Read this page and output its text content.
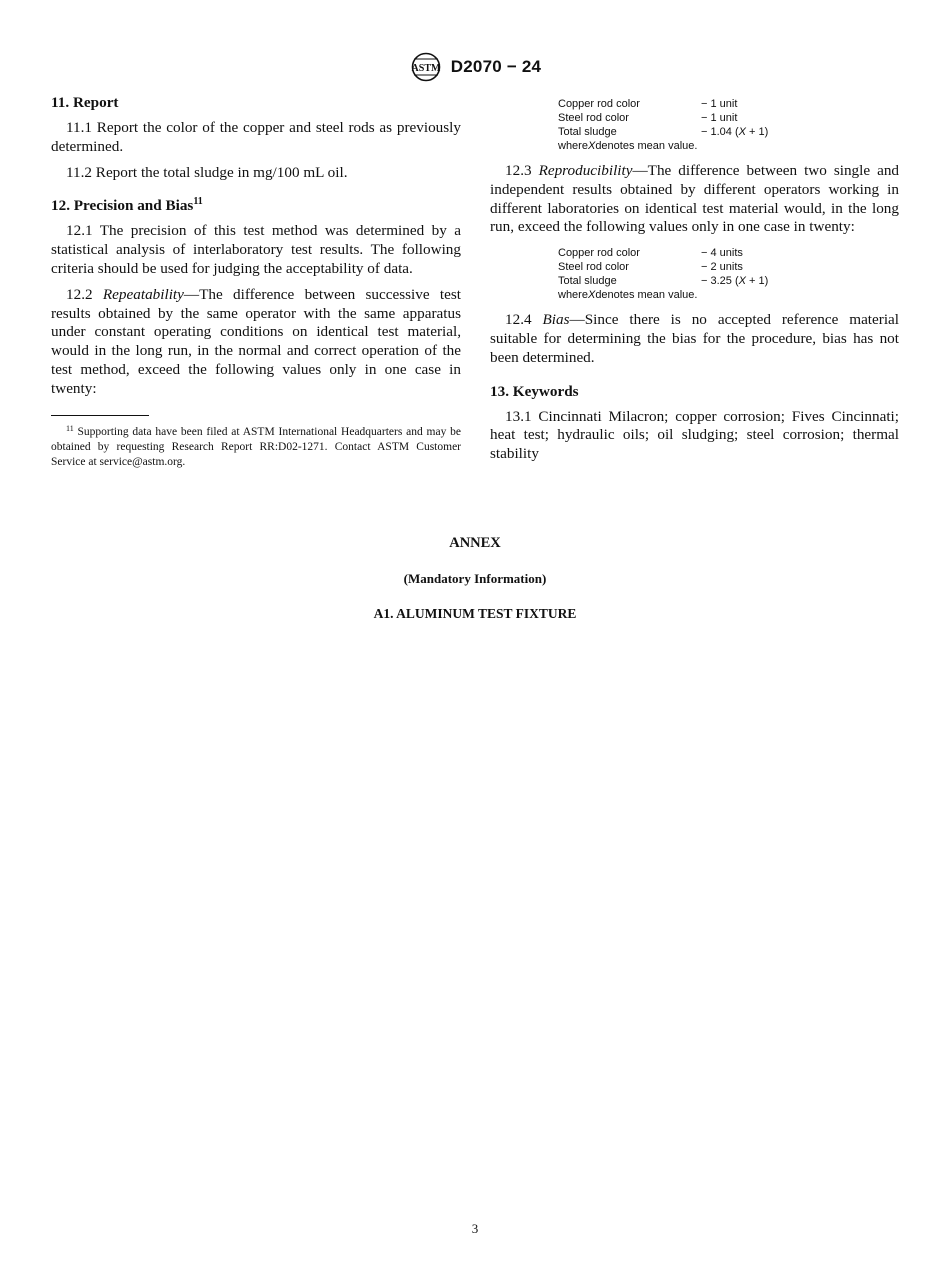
ASTM D2070 − 24
11. Report

11.1 Report the color of the copper and steel rods as previously determined.

11.2 Report the total sludge in mg/100 mL oil.

12. Precision and Bias$^{11}$

12.1 The precision of this test method was determined by a statistical analysis of interlaboratory test results. The following criteria should be used for judging the acceptability of data.

12.2 Repeatability—The difference between successive test results obtained by the same operator with the same apparatus under constant operating conditions on identical test material, would in the long run, in the normal and correct operation of the test method, exceed the following values only in one case in twenty:

$^{11}$ Supporting data have been filed at ASTM International Headquarters and may be obtained by requesting Research Report RR:D02-1271. Contact ASTM Customer Service at service@astm.org.

Copper rod color	− 1 unit
Steel rod color	− 1 unit
Total sludge	− 1.04 (X + 1)
where X denotes mean value.

12.3 Reproducibility—The difference between two single and independent results obtained by different operators working in different laboratories on identical test material would, in the long run, exceed the following values only in one case in twenty:

Copper rod color	− 4 units
Steel rod color	− 2 units
Total sludge	− 3.25 (X + 1)
where X denotes mean value.

12.4 Bias—Since there is no accepted reference material suitable for determining the bias for the procedure, bias has not been determined.

13. Keywords

13.1 Cincinnati Milacron; copper corrosion; Fives Cincinnati; heat test; hydraulic oils; oil sludging; steel corrosion; thermal stability

ANNEX
(Mandatory Information)
A1. ALUMINUM TEST FIXTURE
3
